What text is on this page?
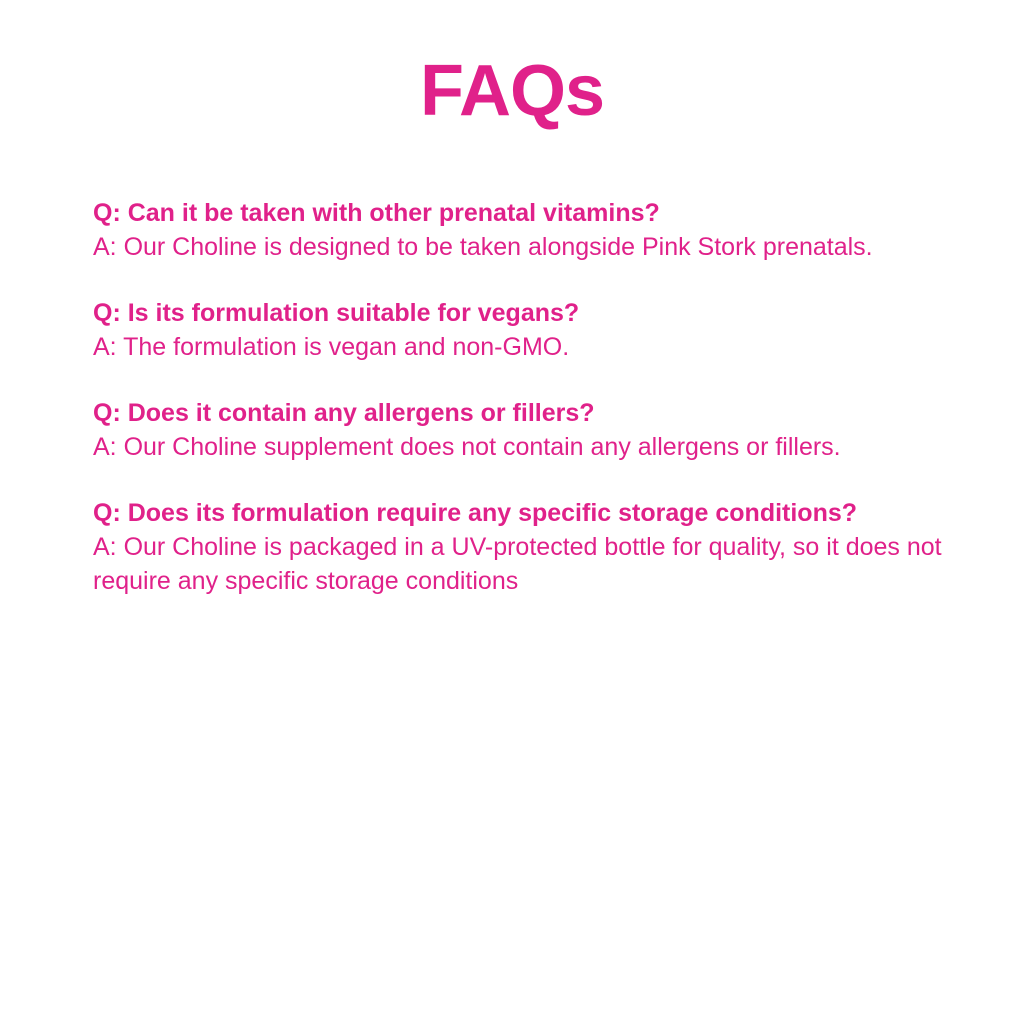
FAQs

Q: Can it be taken with other prenatal vitamins?

A: Our Choline is designed to be taken alongside Pink Stork prenatals.

Q: Is its formulation suitable for vegans?

A: The formulation is vegan and non-GMO.

Q: Does it contain any allergens or fillers?

A: Our Choline supplement does not contain any allergens or fillers.

Q: Does its formulation require any specific storage conditions?

A: Our Choline is packaged in a UV-protected bottle for quality, so it does not require any specific storage conditions
